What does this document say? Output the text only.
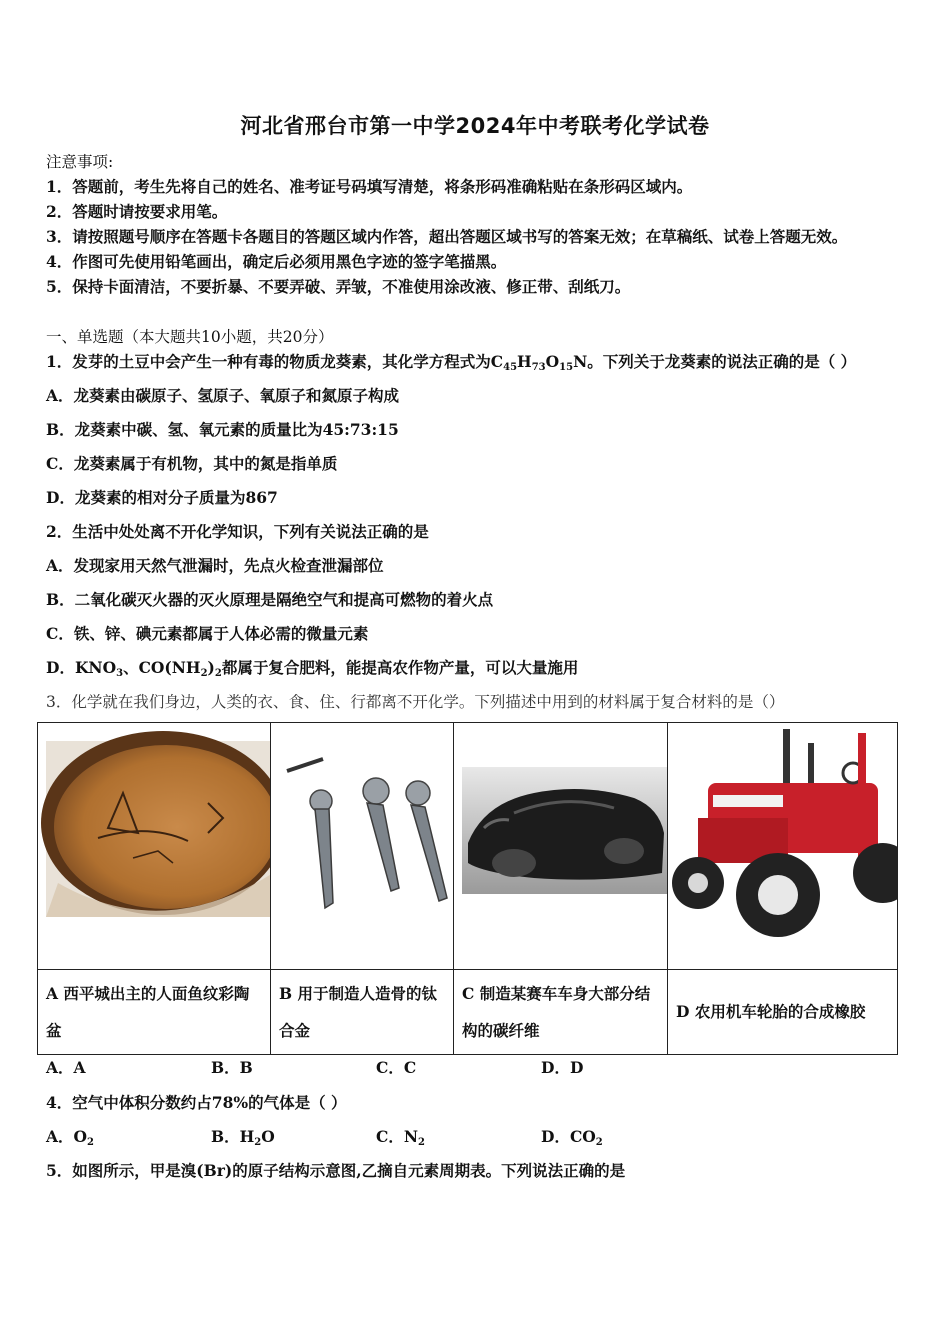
河北省邢台市第一中学2024年中考联考化学试卷
注意事项:
1．答题前，考生先将自己的姓名、准考证号码填写清楚，将条形码准确粘贴在条形码区域内。
2．答题时请按要求用笔。
3．请按照题号顺序在答题卡各题目的答题区域内作答，超出答题区域书写的答案无效；在草稿纸、试卷上答题无效。
4．作图可先使用铅笔画出，确定后必须用黑色字迹的签字笔描黑。
5．保持卡面清洁，不要折暴、不要弄破、弄皱，不准使用涂改液、修正带、刮纸刀。
一、单选题（本大题共10小题，共20分）
1．发芽的土豆中会产生一种有毒的物质龙葵素，其化学方程式为$C_{45}H_{73}O_{15}N$。下列关于龙葵素的说法正确的是（ ）
A．龙葵素由碳原子、氢原子、氧原子和氮原子构成
B．龙葵素中碳、氢、氧元素的质量比为45:73:15
C．龙葵素属于有机物，其中的氮是指单质
D．龙葵素的相对分子质量为867
2．生活中处处离不开化学知识，下列有关说法正确的是
A．发现家用天然气泄漏时，先点火检查泄漏部位
B．二氧化碳灭火器的灭火原理是隔绝空气和提高可燃物的着火点
C．铁、锌、碘元素都属于人体必需的微量元素
D．$KNO_3$、$CO(NH_2)_2$都属于复合肥料，能提高农作物产量，可以大量施用
3．化学就在我们身边，人类的衣、食、住、行都离不开化学。下列描述中用到的材料属于复合材料的是（）

A 西平城出主的人面鱼纹彩陶盆	B 用于制造人造骨的钛合金	C 制造某赛车车身大部分结构的碳纤维	D 农用机车轮胎的合成橡胶
A．A	B．B	C．C	D．D
4．空气中体积分数约占78%的气体是（ ）
A．$O_2$	B．$H_2O$	C．$N_2$	D．$CO_2$
5．如图所示，甲是溴(Br)的原子结构示意图,乙摘自元素周期表。下列说法正确的是
